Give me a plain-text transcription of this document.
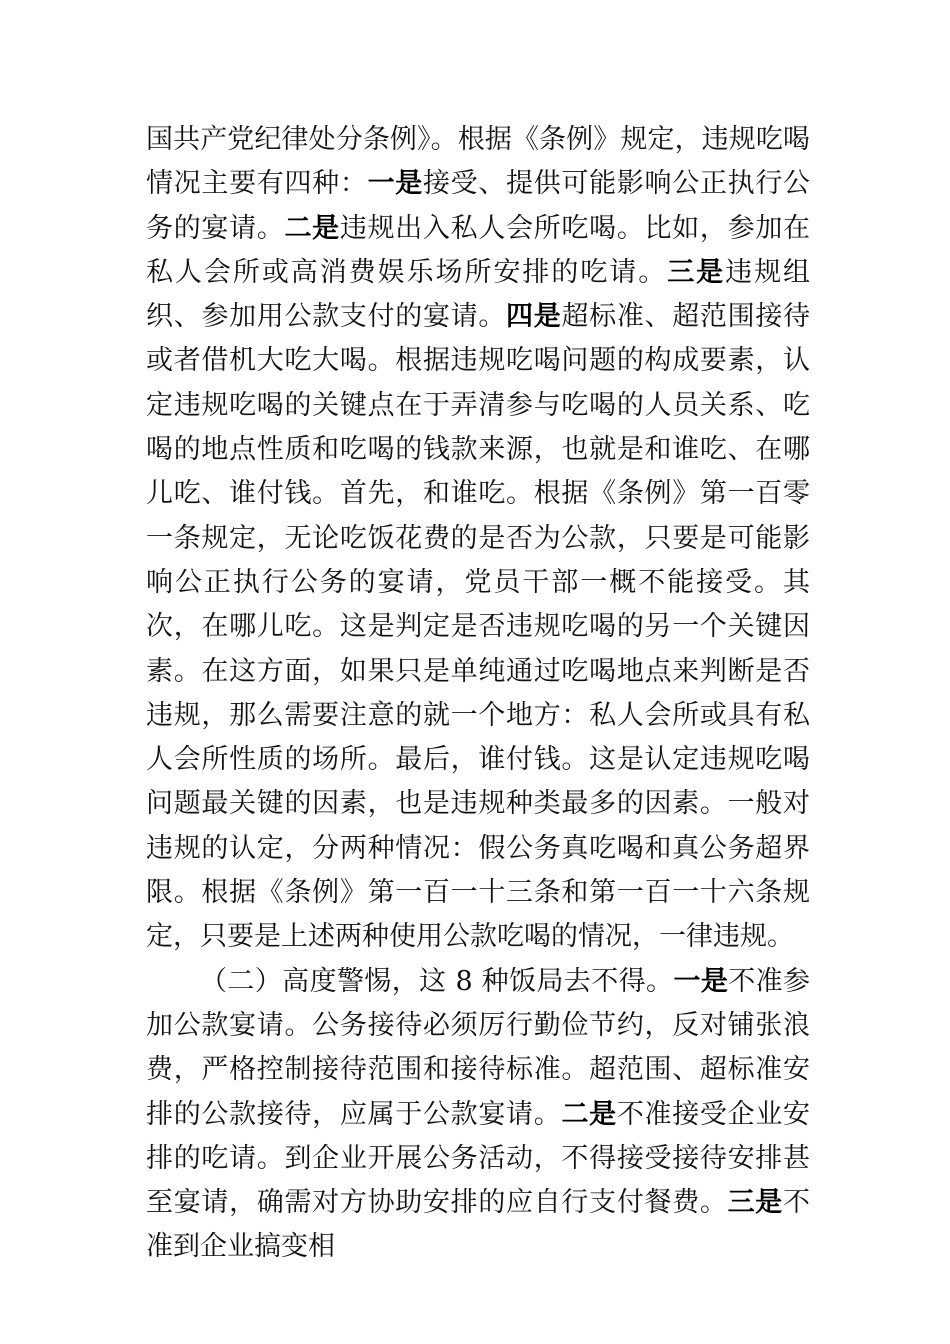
国共产党纪律处分条例》。根据《条例》规定，违规吃喝情况主要有四种：一是接受、提供可能影响公正执行公务的宴请。二是违规出入私人会所吃喝。比如，参加在私人会所或高消费娱乐场所安排的吃请。三是违规组织、参加用公款支付的宴请。四是超标准、超范围接待或者借机大吃大喝。根据违规吃喝问题的构成要素，认定违规吃喝的关键点在于弄清参与吃喝的人员关系、吃喝的地点性质和吃喝的钱款来源，也就是和谁吃、在哪儿吃、谁付钱。首先，和谁吃。根据《条例》第一百零一条规定，无论吃饭花费的是否为公款，只要是可能影响公正执行公务的宴请，党员干部一概不能接受。其次，在哪儿吃。这是判定是否违规吃喝的另一个关键因素。在这方面，如果只是单纯通过吃喝地点来判断是否违规，那么需要注意的就一个地方：私人会所或具有私人会所性质的场所。最后，谁付钱。这是认定违规吃喝问题最关键的因素，也是违规种类最多的因素。一般对违规的认定，分两种情况：假公务真吃喝和真公务超界限。根据《条例》第一百一十三条和第一百一十六条规定，只要是上述两种使用公款吃喝的情况，一律违规。

（二）高度警惕，这 8 种饭局去不得。一是不准参加公款宴请。公务接待必须厉行勤俭节约，反对铺张浪费，严格控制接待范围和接待标准。超范围、超标准安排的公款接待，应属于公款宴请。二是不准接受企业安排的吃请。到企业开展公务活动，不得接受接待安排甚至宴请，确需对方协助安排的应自行支付餐费。三是不准到企业搞变相
